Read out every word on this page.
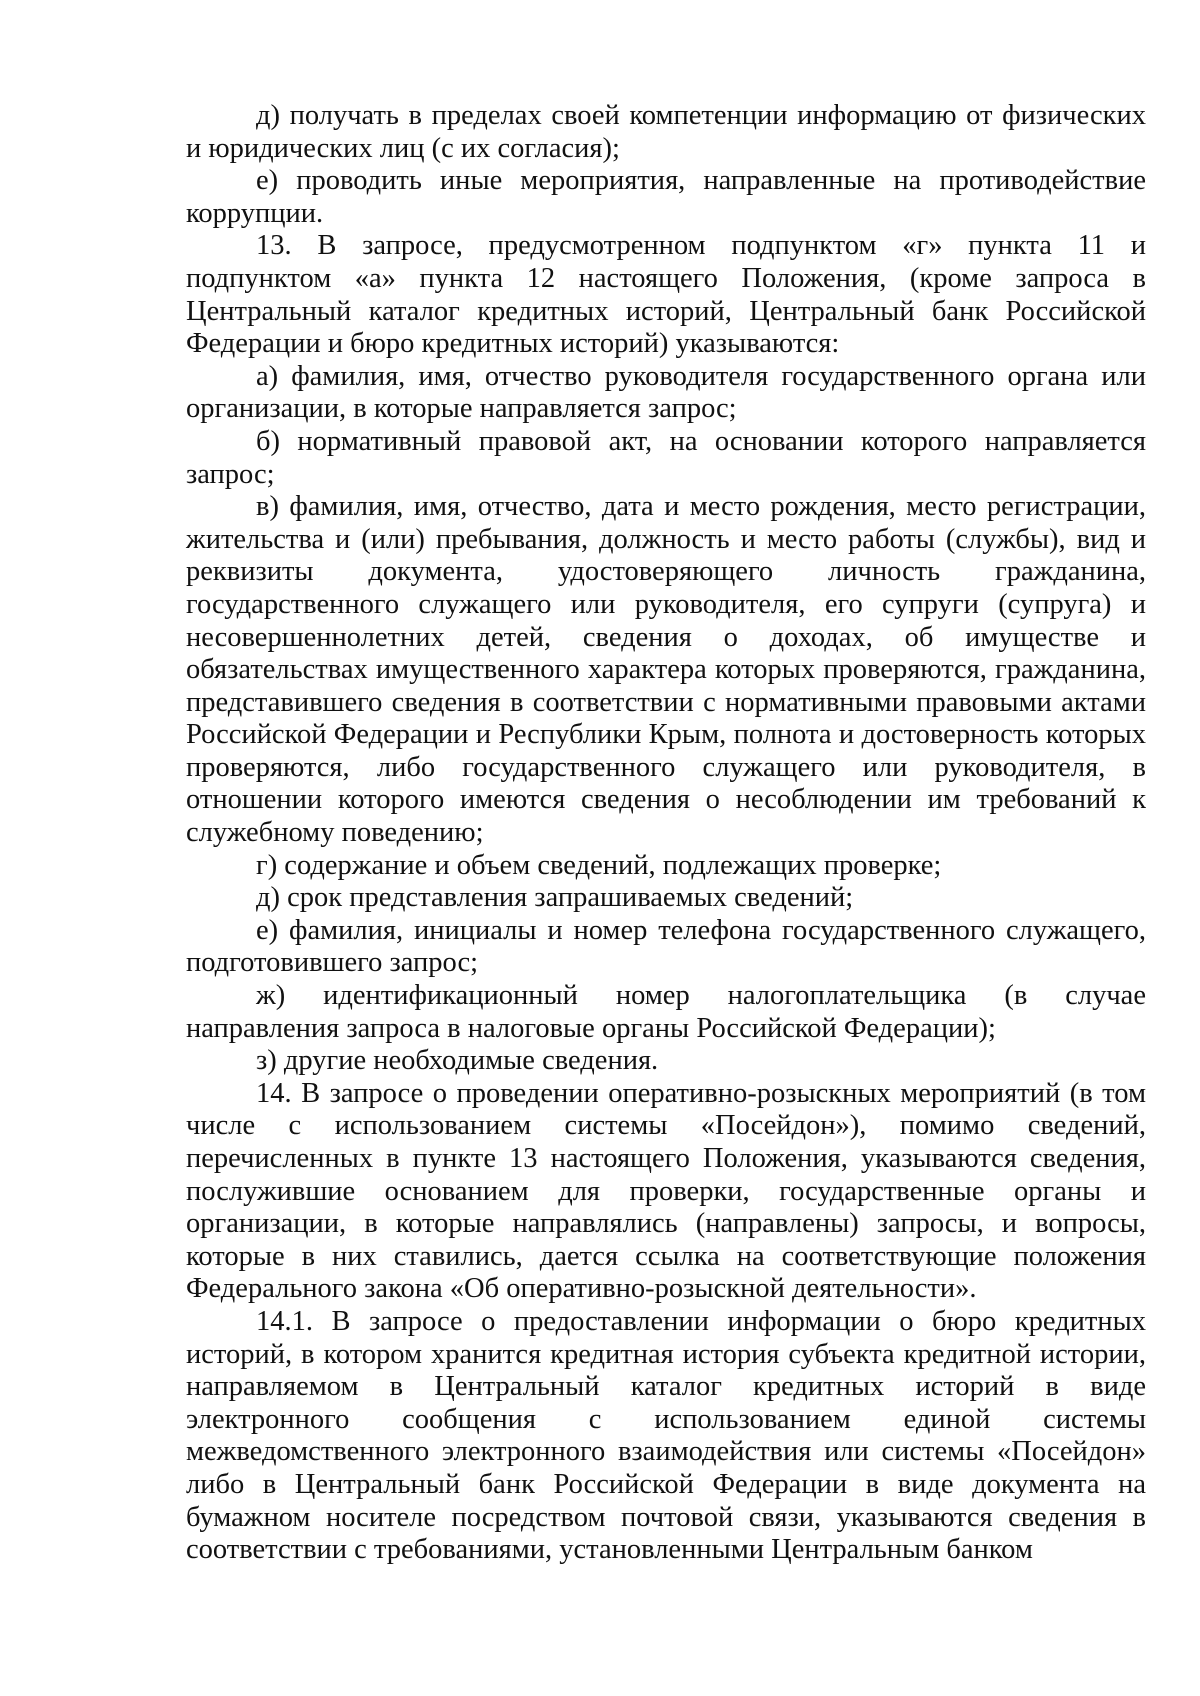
д) получать в пределах своей компетенции информацию от физических и юридических лиц (с их согласия);

е) проводить иные мероприятия, направленные на противодействие коррупции.

13. В запросе, предусмотренном подпунктом «г» пункта 11 и подпунктом «а» пункта 12 настоящего Положения, (кроме запроса в Центральный каталог кредитных историй, Центральный банк Российской Федерации и бюро кредитных историй) указываются:

а) фамилия, имя, отчество руководителя государственного органа или организации, в которые направляется запрос;

б) нормативный правовой акт, на основании которого направляется запрос;

в) фамилия, имя, отчество, дата и место рождения, место регистрации, жительства и (или) пребывания, должность и место работы (службы), вид и реквизиты документа, удостоверяющего личность гражданина, государственного служащего или руководителя, его супруги (супруга) и несовершеннолетних детей, сведения о доходах, об имуществе и обязательствах имущественного характера которых проверяются, гражданина, представившего сведения в соответствии с нормативными правовыми актами Российской Федерации и Республики Крым, полнота и достоверность которых проверяются, либо государственного служащего или руководителя, в отношении которого имеются сведения о несоблюдении им требований к служебному поведению;

г) содержание и объем сведений, подлежащих проверке;

д) срок представления запрашиваемых сведений;

е) фамилия, инициалы и номер телефона государственного служащего, подготовившего запрос;

ж) идентификационный номер налогоплательщика (в случае направления запроса в налоговые органы Российской Федерации);

з) другие необходимые сведения.

14. В запросе о проведении оперативно-розыскных мероприятий (в том числе с использованием системы «Посейдон»), помимо сведений, перечисленных в пункте 13 настоящего Положения, указываются сведения, послужившие основанием для проверки, государственные органы и организации, в которые направлялись (направлены) запросы, и вопросы, которые в них ставились, дается ссылка на соответствующие положения Федерального закона «Об оперативно-розыскной деятельности».

14.1. В запросе о предоставлении информации о бюро кредитных историй, в котором хранится кредитная история субъекта кредитной истории, направляемом в Центральный каталог кредитных историй в виде электронного сообщения с использованием единой системы межведомственного электронного взаимодействия или системы «Посейдон» либо в Центральный банк Российской Федерации в виде документа на бумажном носителе посредством почтовой связи, указываются сведения в соответствии с требованиями, установленными Центральным банком
